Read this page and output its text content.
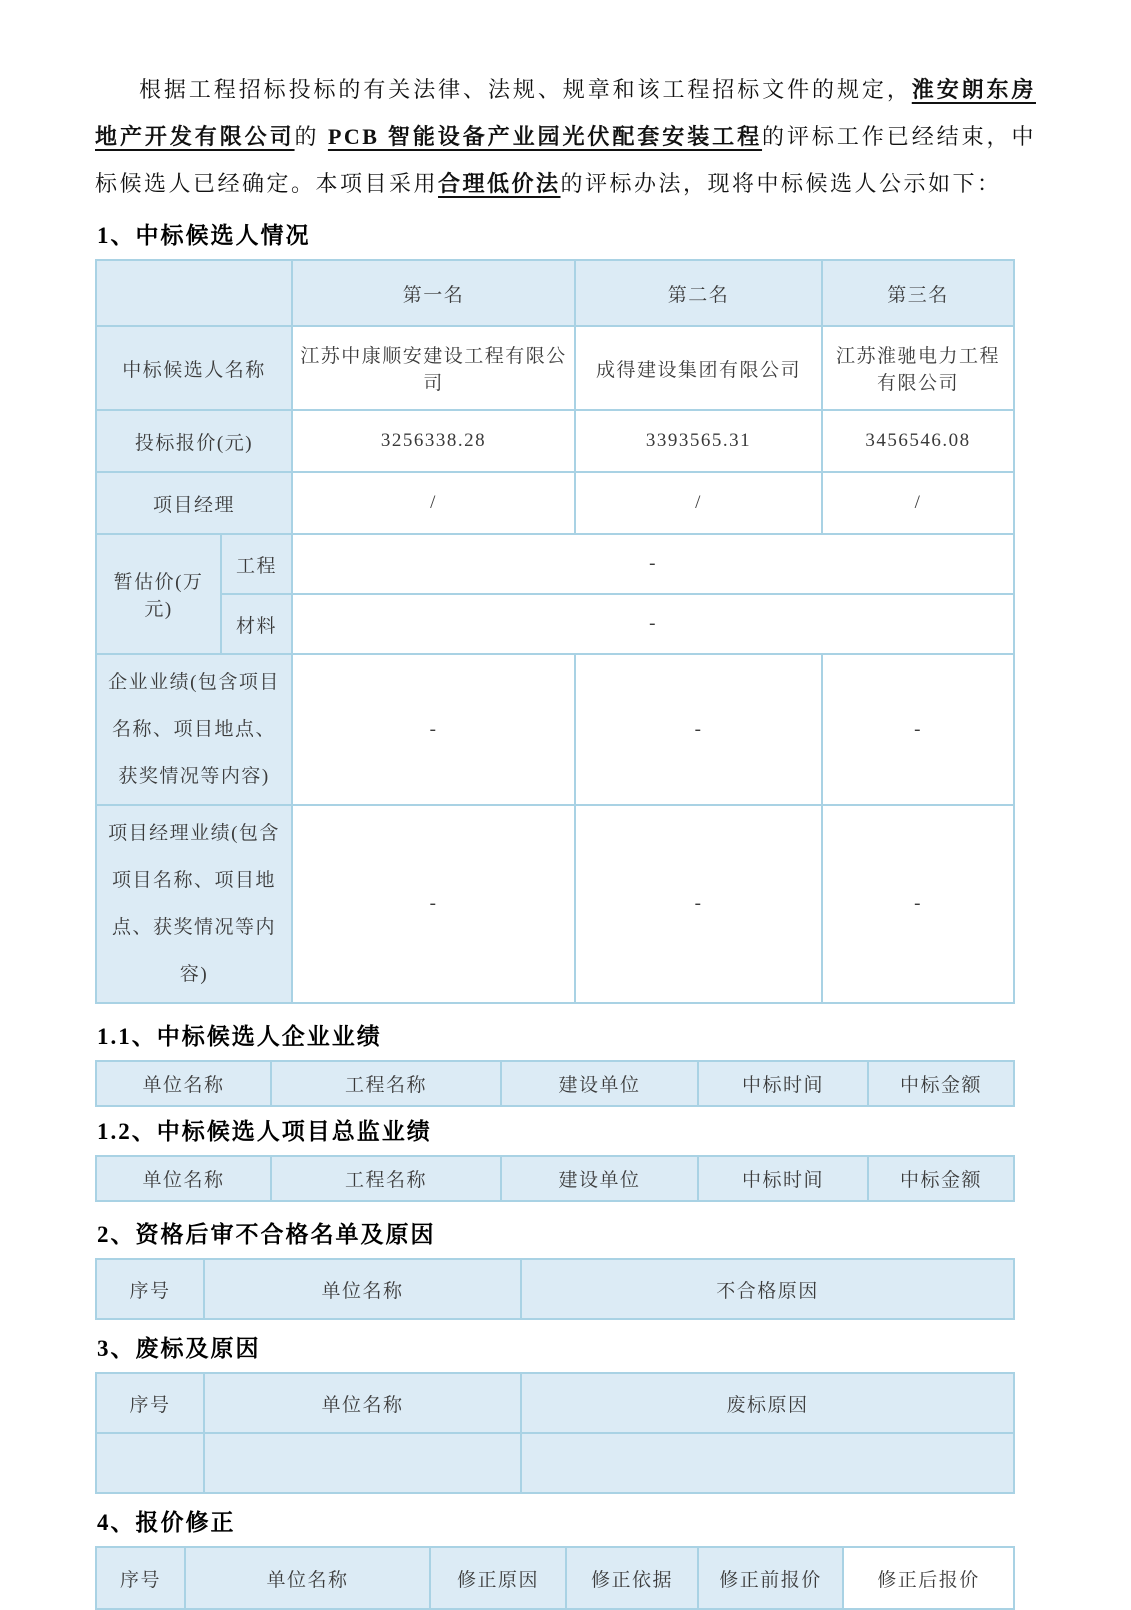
根据工程招标投标的有关法律、法规、规章和该工程招标文件的规定，淮安朗东房地产开发有限公司的 PCB 智能设备产业园光伏配套安装工程的评标工作已经结束，中标候选人已经确定。本项目采用合理低价法的评标办法，现将中标候选人公示如下：

1、中标候选人情况
		第一名	第二名	第三名
中标候选人名称		江苏中康顺安建设工程有限公司	成得建设集团有限公司	江苏淮驰电力工程有限公司
投标报价(元)		3256338.28	3393565.31	3456546.08
项目经理		/	/	/
暂估价(万元)	工程	-		
	材料	-		
企业业绩(包含项目名称、项目地点、获奖情况等内容)		-	-	-
项目经理业绩(包含项目名称、项目地点、获奖情况等内容)		-	-	-
1.1、中标候选人企业业绩
单位名称	工程名称	建设单位	中标时间	中标金额
1.2、中标候选人项目总监业绩
单位名称	工程名称	建设单位	中标时间	中标金额
2、资格后审不合格名单及原因
序号	单位名称	不合格原因
3、废标及原因
序号	单位名称	废标原因

4、报价修正
序号	单位名称	修正原因	修正依据	修正前报价	修正后报价
